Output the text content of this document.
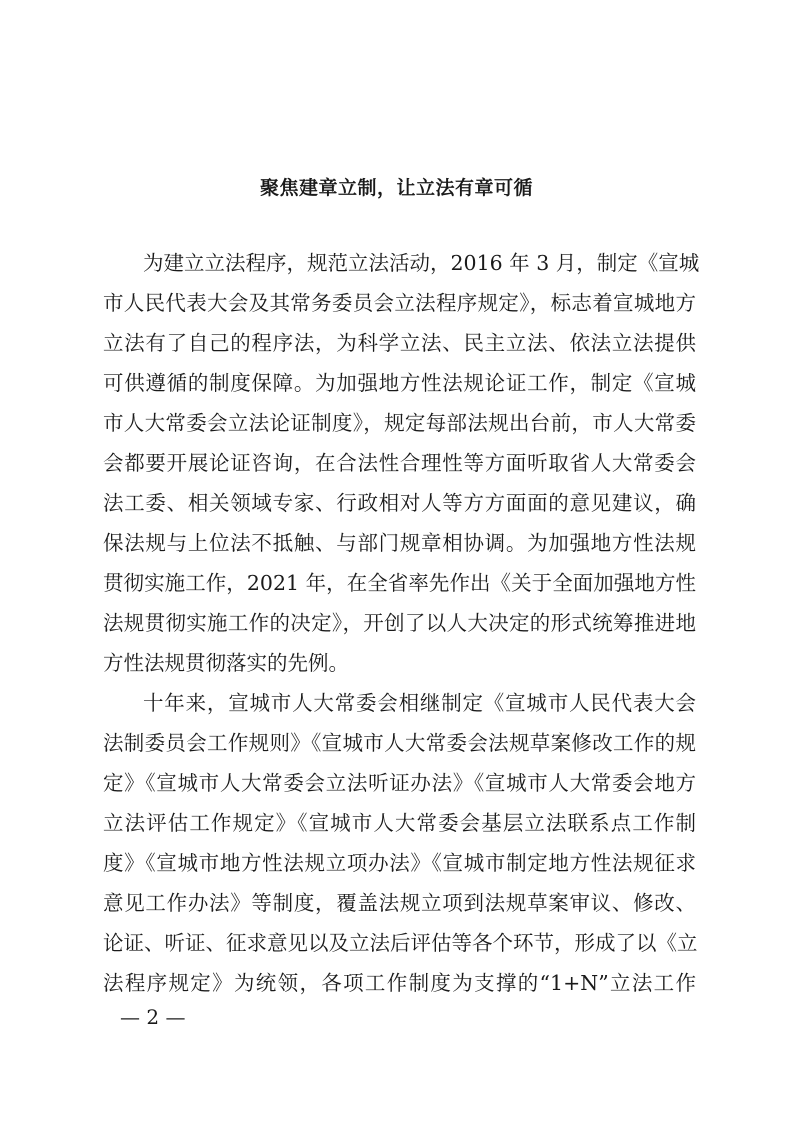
聚焦建章立制，让立法有章可循
为建立立法程序，规范立法活动，2016 年 3 月，制定《宣城
市人民代表大会及其常务委员会立法程序规定》，标志着宣城地方
立法有了自己的程序法，为科学立法、民主立法、依法立法提供
可供遵循的制度保障。为加强地方性法规论证工作，制定《宣城
市人大常委会立法论证制度》，规定每部法规出台前，市人大常委
会都要开展论证咨询，在合法性合理性等方面听取省人大常委会
法工委、相关领域专家、行政相对人等方方面面的意见建议，确
保法规与上位法不抵触、与部门规章相协调。为加强地方性法规
贯彻实施工作，2021 年，在全省率先作出《关于全面加强地方性
法规贯彻实施工作的决定》，开创了以人大决定的形式统筹推进地
方性法规贯彻落实的先例。
十年来，宣城市人大常委会相继制定《宣城市人民代表大会
法制委员会工作规则》《宣城市人大常委会法规草案修改工作的规
定》《宣城市人大常委会立法听证办法》《宣城市人大常委会地方
立法评估工作规定》《宣城市人大常委会基层立法联系点工作制
度》《宣城市地方性法规立项办法》《宣城市制定地方性法规征求
意见工作办法》等制度，覆盖法规立项到法规草案审议、修改、
论证、听证、征求意见以及立法后评估等各个环节，形成了以《立
法程序规定》为统领，各项工作制度为支撑的“1+N”立法工作
— 2 —
